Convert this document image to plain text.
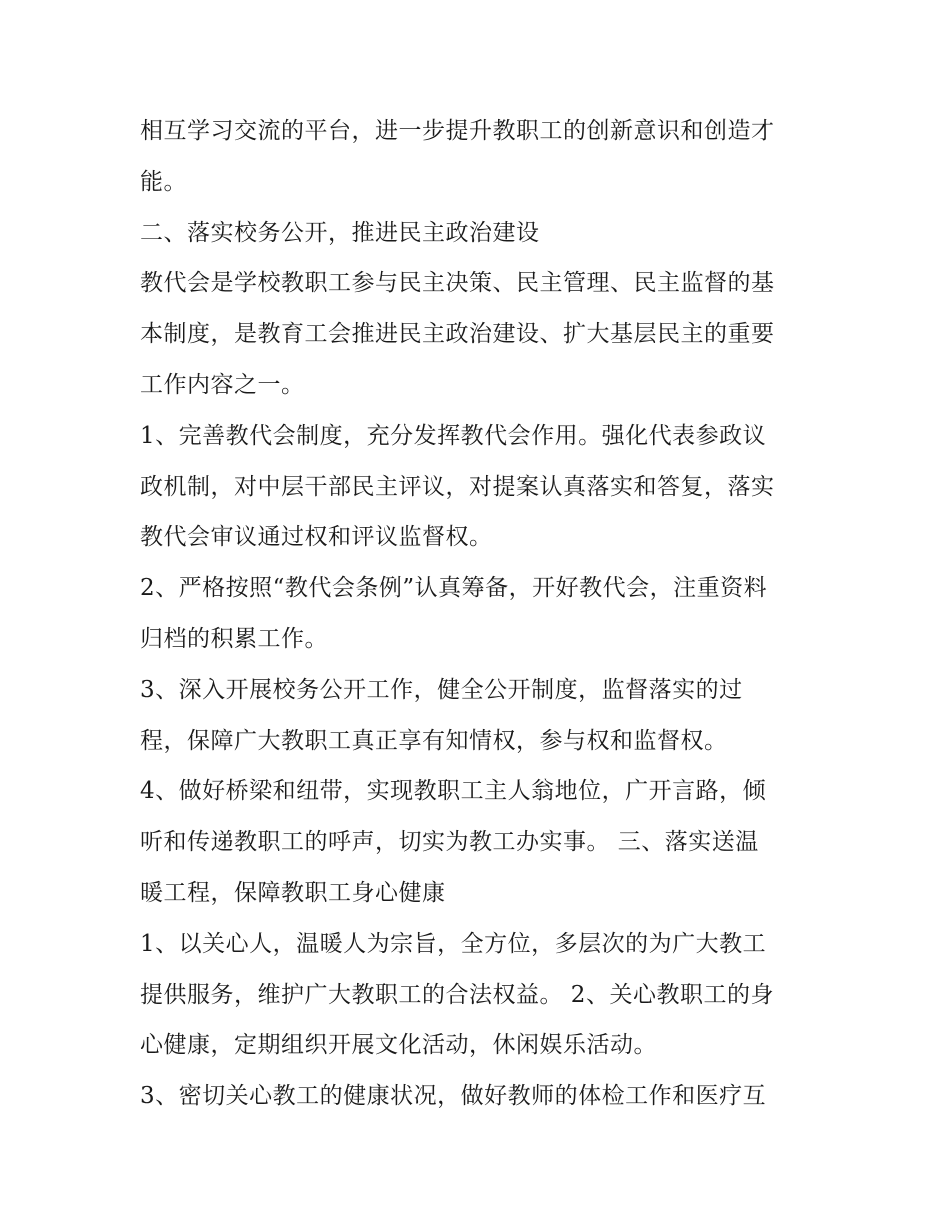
相互学习交流的平台，进一步提升教职工的创新意识和创造才
能。
二、落实校务公开，推进民主政治建设
教代会是学校教职工参与民主决策、民主管理、民主监督的基
本制度，是教育工会推进民主政治建设、扩大基层民主的重要
工作内容之一。
1、完善教代会制度，充分发挥教代会作用。强化代表参政议
政机制，对中层干部民主评议，对提案认真落实和答复，落实
教代会审议通过权和评议监督权。
2、严格按照“教代会条例”认真筹备，开好教代会，注重资料
归档的积累工作。
3、深入开展校务公开工作，健全公开制度，监督落实的过
程，保障广大教职工真正享有知情权，参与权和监督权。
4、做好桥梁和纽带，实现教职工主人翁地位，广开言路，倾
听和传递教职工的呼声，切实为教工办实事。 三、落实送温
暖工程，保障教职工身心健康
1、以关心人，温暖人为宗旨，全方位，多层次的为广大教工
提供服务，维护广大教职工的合法权益。 2、关心教职工的身
心健康，定期组织开展文化活动，休闲娱乐活动。
3、密切关心教工的健康状况，做好教师的体检工作和医疗互
